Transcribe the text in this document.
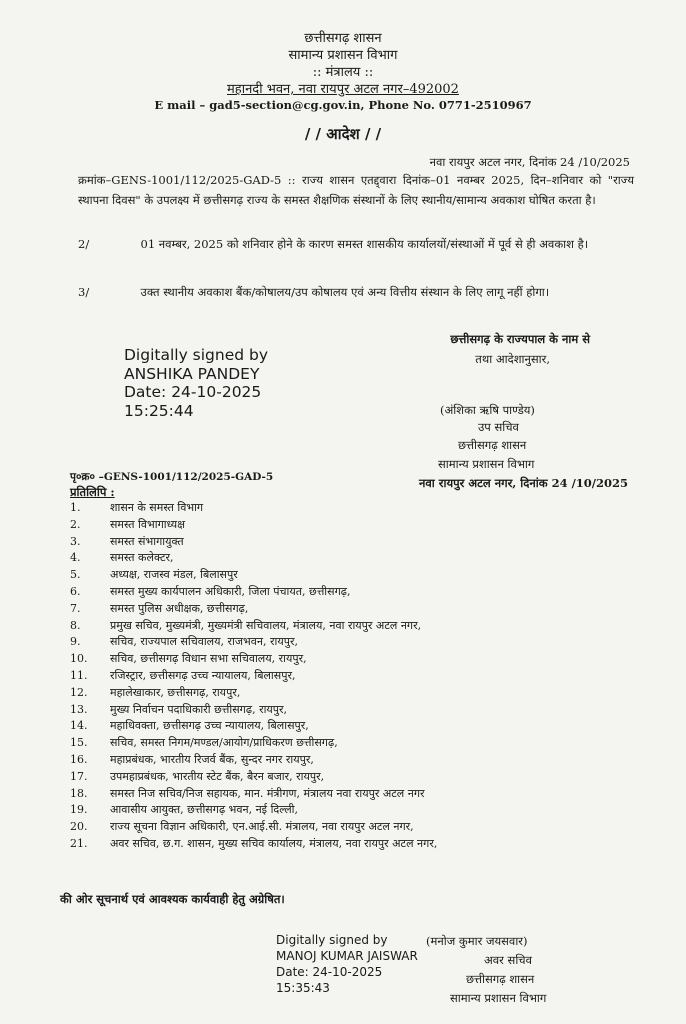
छत्तीसगढ़ शासन
सामान्य प्रशासन विभाग
:: मंत्रालय ::
महानदी भवन, नवा रायपुर अटल नगर–492002
E mail – gad5-section@cg.gov.in, Phone No. 0771-2510967
/ / आदेश / /
नवा रायपुर अटल नगर, दिनांक 24 /10/2025
क्रमांक–GENS-1001/112/2025-GAD-5 :: राज्य शासन एतद्द्वारा दिनांक–01 नवम्बर 2025, दिन–शनिवार को "राज्य स्थापना दिवस" के उपलक्ष्य में छत्तीसगढ़ राज्य के समस्त शैक्षणिक संस्थानों के लिए स्थानीय/सामान्य अवकाश घोषित करता है।
2/	01 नवम्बर, 2025 को शनिवार होने के कारण समस्त शासकीय कार्यालयों/संस्थाओं में पूर्व से ही अवकाश है।
3/	उक्त स्थानीय अवकाश बैंक/कोषालय/उप कोषालय एवं अन्य वित्तीय संस्थान के लिए लागू नहीं होगा।
छत्तीसगढ़ के राज्यपाल के नाम से
तथा आदेशानुसार,
Digitally signed by
ANSHIKA PANDEY
Date: 24-10-2025
15:25:44	(अंशिका ऋषि पाण्डेय)
उप सचिव
छत्तीसगढ़ शासन
सामान्य प्रशासन विभाग
नवा रायपुर अटल नगर, दिनांक 24 /10/2025
पृ०क्र० –GENS-1001/112/2025-GAD-5
प्रतिलिपि :
1.	शासन के समस्त विभाग
2.	समस्त विभागाध्यक्ष
3.	समस्त संभागायुक्त
4.	समस्त कलेक्टर,
5.	अध्यक्ष, राजस्व मंडल, बिलासपुर
6.	समस्त मुख्य कार्यपालन अधिकारी, जिला पंचायत, छत्तीसगढ़,
7.	समस्त पुलिस अधीक्षक, छत्तीसगढ़,
8.	प्रमुख सचिव, मुख्यमंत्री, मुख्यमंत्री सचिवालय, मंत्रालय, नवा रायपुर अटल नगर,
9.	सचिव, राज्यपाल सचिवालय, राजभवन, रायपुर,
10. सचिव, छत्तीसगढ़ विधान सभा सचिवालय, रायपुर,
11. रजिस्ट्रार, छत्तीसगढ़ उच्च न्यायालय, बिलासपुर,
12. महालेखाकार, छत्तीसगढ़, रायपुर,
13. मुख्य निर्वाचन पदाधिकारी छत्तीसगढ़, रायपुर,
14. महाधिवक्ता, छत्तीसगढ़ उच्च न्यायालय, बिलासपुर,
15. सचिव, समस्त निगम/मण्डल/आयोग/प्राधिकरण छत्तीसगढ़,
16. महाप्रबंधक, भारतीय रिजर्व बैंक, सुन्दर नगर रायपुर,
17. उपमहाप्रबंधक, भारतीय स्टेट बैंक, बैरन बजार, रायपुर,
18. समस्त निज सचिव/निज सहायक, मान. मंत्रीगण, मंत्रालय नवा रायपुर अटल नगर
19. आवासीय आयुक्त, छत्तीसगढ़ भवन, नई दिल्ली,
20. राज्य सूचना विज्ञान अधिकारी, एन.आई.सी. मंत्रालय, नवा रायपुर अटल नगर,
21. अवर सचिव, छ.ग. शासन, मुख्य सचिव कार्यालय, मंत्रालय, नवा रायपुर अटल नगर,
की ओर सूचनार्थ एवं आवश्यक कार्यवाही हेतु अग्रेषित।
Digitally signed by
MANOJ KUMAR JAISWAR
Date: 24-10-2025
15:35:43
(मनोज कुमार जयसवार)
अवर सचिव
छत्तीसगढ़ शासन
सामान्य प्रशासन विभाग
